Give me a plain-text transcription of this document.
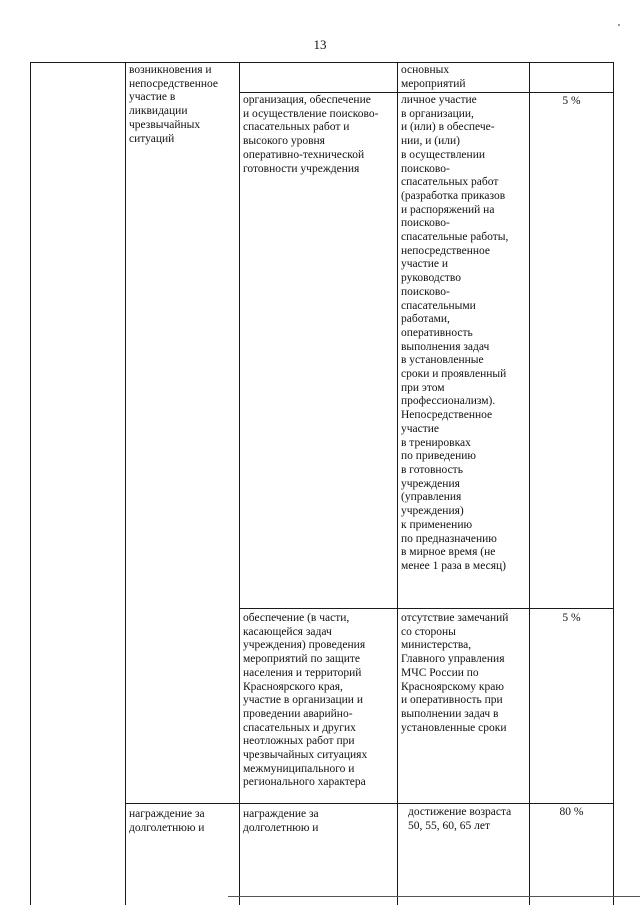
13
возникновения и
непосредственное
участие в
ликвидации
чрезвычайных
ситуаций
основных
мероприятий
организация, обеспечение
и осуществление поисково-
спасательных работ и
высокого уровня
оперативно-технической
готовности учреждения
личное участие
в организации,
и (или) в обеспече-
нии, и (или)
в осуществлении
поисково-
спасательных работ
(разработка приказов
и распоряжений на
поисково-
спасательные работы,
непосредственное
участие и
руководство
поисково-
спасательными
работами,
оперативность
выполнения задач
в установленные
сроки и проявленный
при этом
профессионализм).
Непосредственное
участие
в тренировках
по приведению
в готовность
учреждения
(управления
учреждения)
к применению
по предназначению
в мирное время (не
менее 1 раза в месяц)
5 %
обеспечение (в части,
касающейся задач
учреждения) проведения
мероприятий по защите
населения и территорий
Красноярского края,
участие в организации и
проведении аварийно-
спасательных и других
неотложных работ при
чрезвычайных ситуациях
межмуниципального и
регионального характера
отсутствие замечаний
со стороны
министерства,
Главного управления
МЧС России по
Красноярскому краю
и оперативность при
выполнении задач в
установленные сроки
5 %
награждение за
долголетнюю и
награждение за
долголетнюю и
достижение возраста
50, 55, 60, 65 лет
80 %
